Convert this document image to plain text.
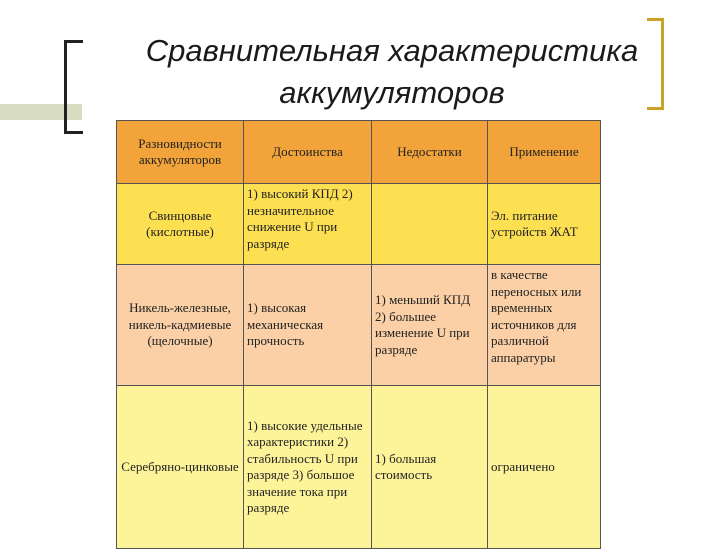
Сравнительная характеристика
аккумуляторов
Разновидности аккумуляторов	Достоинства	Недостатки	Применение
Свинцовые (кислотные)	1) высокий КПД 2) незначительное снижение U при разряде		Эл. питание устройств ЖАТ
Никель-железные, никель-кадмиевые (щелочные)	1) высокая механическая прочность	1) меньший КПД 2) большее изменение U при разряде	в качестве переносных или временных источников для различной аппаратуры
Серебряно-цинковые	1) высокие удельные характеристики 2) стабильность U при разряде 3) большое значение тока при разряде	1) большая стоимость	ограничено
